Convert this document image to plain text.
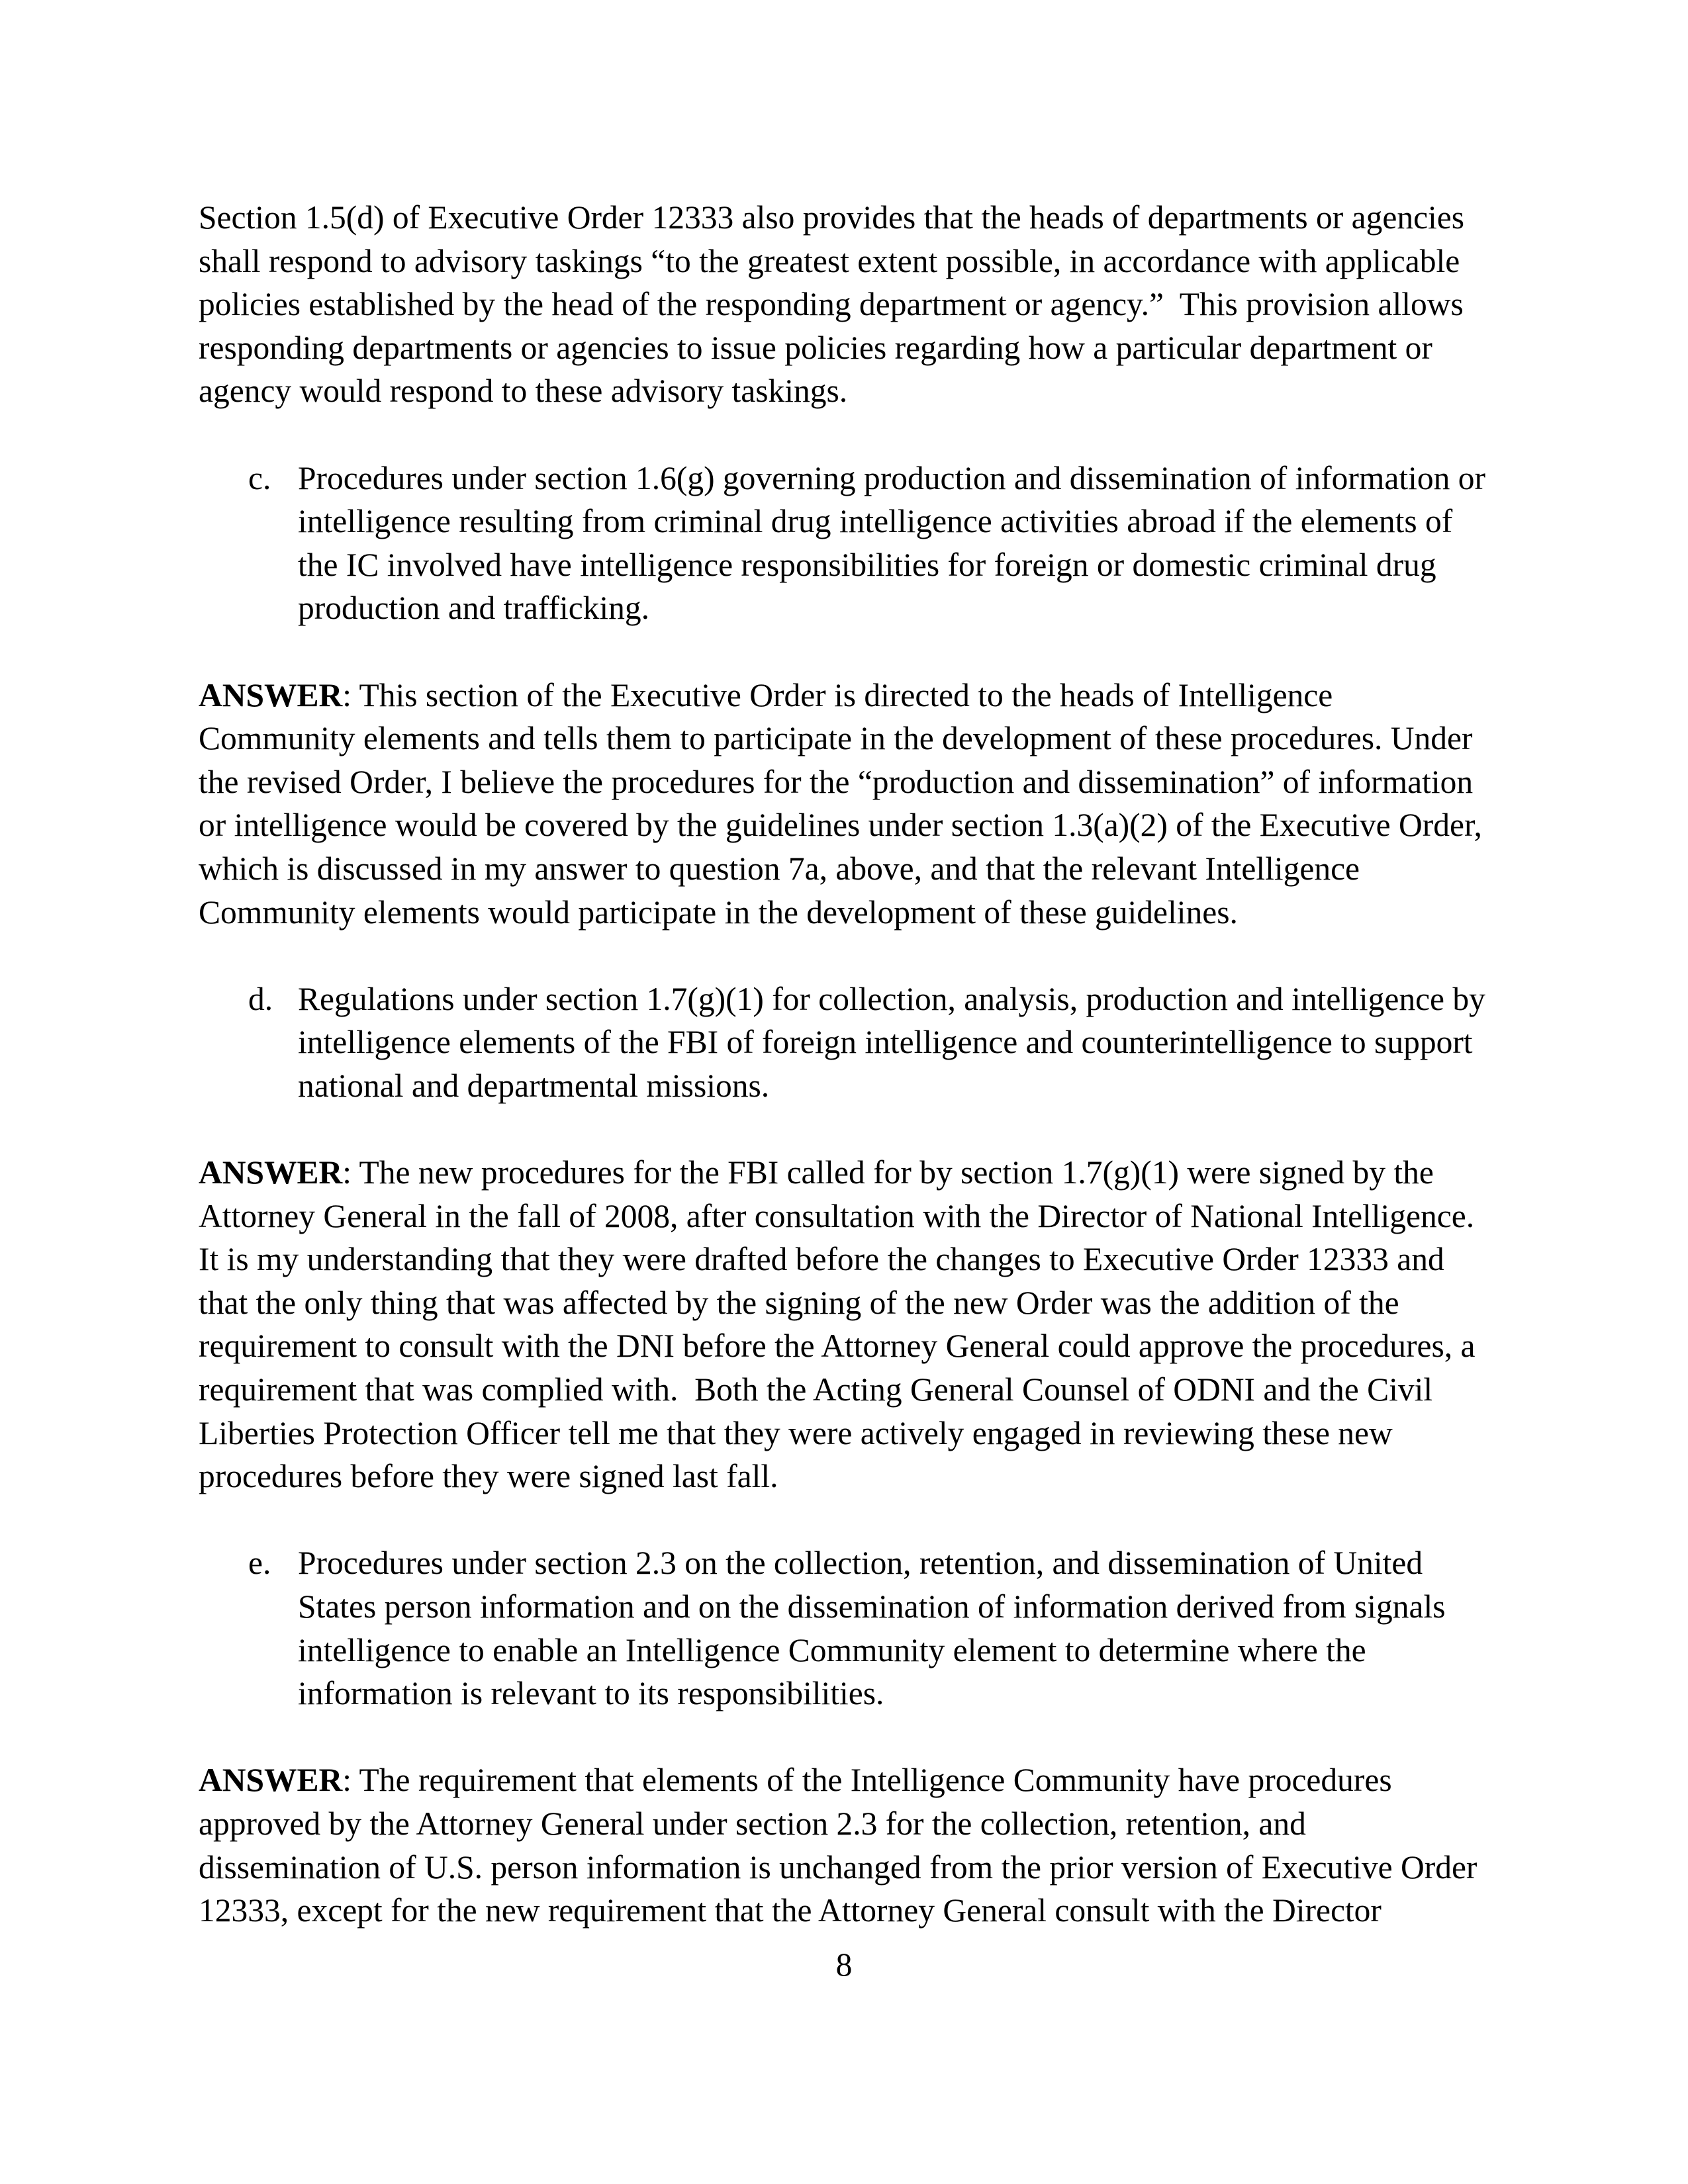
Section 1.5(d) of Executive Order 12333 also provides that the heads of departments or agencies shall respond to advisory taskings “to the greatest extent possible, in accordance with applicable policies established by the head of the responding department or agency.”  This provision allows responding departments or agencies to issue policies regarding how a particular department or agency would respond to these advisory taskings.

c. Procedures under section 1.6(g) governing production and dissemination of information or intelligence resulting from criminal drug intelligence activities abroad if the elements of the IC involved have intelligence responsibilities for foreign or domestic criminal drug production and trafficking.

ANSWER: This section of the Executive Order is directed to the heads of Intelligence Community elements and tells them to participate in the development of these procedures. Under the revised Order, I believe the procedures for the “production and dissemination” of information or intelligence would be covered by the guidelines under section 1.3(a)(2) of the Executive Order, which is discussed in my answer to question 7a, above, and that the relevant Intelligence Community elements would participate in the development of these guidelines.

d. Regulations under section 1.7(g)(1) for collection, analysis, production and intelligence by intelligence elements of the FBI of foreign intelligence and counterintelligence to support national and departmental missions.

ANSWER: The new procedures for the FBI called for by section 1.7(g)(1) were signed by the Attorney General in the fall of 2008, after consultation with the Director of National Intelligence. It is my understanding that they were drafted before the changes to Executive Order 12333 and that the only thing that was affected by the signing of the new Order was the addition of the requirement to consult with the DNI before the Attorney General could approve the procedures, a requirement that was complied with.  Both the Acting General Counsel of ODNI and the Civil Liberties Protection Officer tell me that they were actively engaged in reviewing these new procedures before they were signed last fall.

e. Procedures under section 2.3 on the collection, retention, and dissemination of United States person information and on the dissemination of information derived from signals intelligence to enable an Intelligence Community element to determine where the information is relevant to its responsibilities.

ANSWER: The requirement that elements of the Intelligence Community have procedures approved by the Attorney General under section 2.3 for the collection, retention, and dissemination of U.S. person information is unchanged from the prior version of Executive Order 12333, except for the new requirement that the Attorney General consult with the Director

8
